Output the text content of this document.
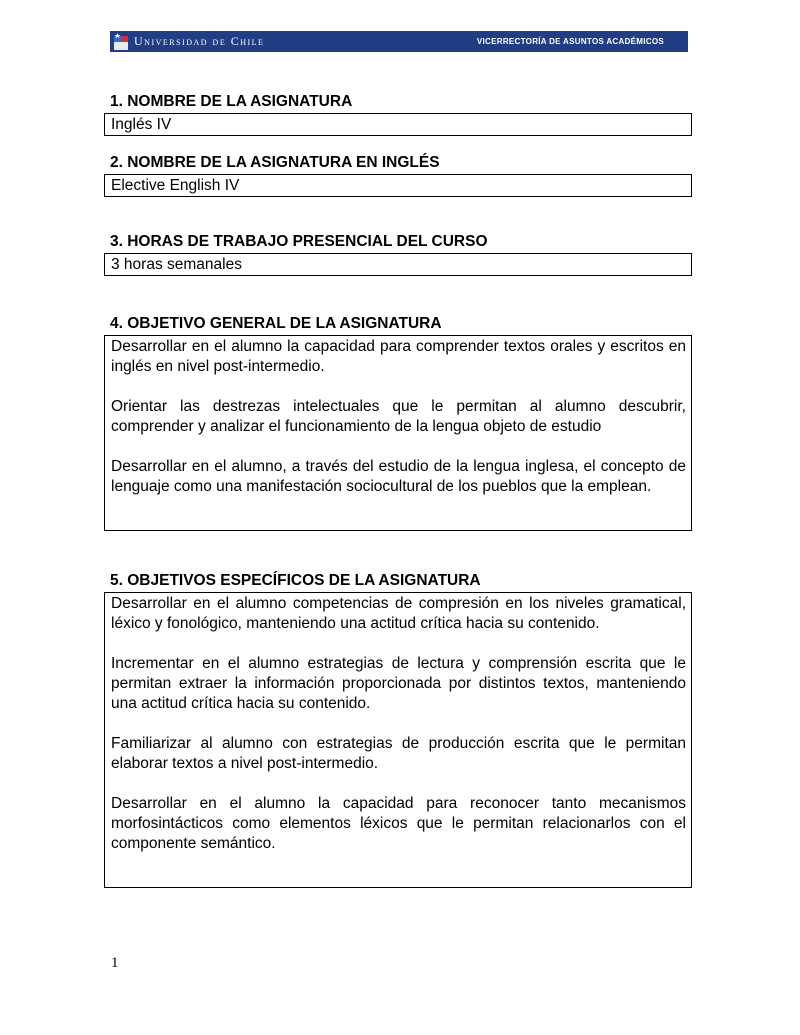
Universidad de Chile	VICERRECTORÍA DE ASUNTOS ACADÉMICOS
1. NOMBRE DE LA ASIGNATURA
Inglés IV
2. NOMBRE DE LA ASIGNATURA EN INGLÉS
Elective English IV
3. HORAS DE TRABAJO PRESENCIAL DEL CURSO
3 horas semanales
4. OBJETIVO GENERAL DE LA ASIGNATURA

Desarrollar en el alumno la capacidad para comprender textos orales y escritos en inglés en nivel post-intermedio.

Orientar las destrezas intelectuales que le permitan al alumno descubrir, comprender y analizar el funcionamiento de la lengua objeto de estudio

Desarrollar en el alumno, a través del estudio de la lengua inglesa, el concepto de lenguaje como una manifestación sociocultural de los pueblos que la emplean.

5. OBJETIVOS ESPECÍFICOS DE LA ASIGNATURA

Desarrollar en el alumno competencias de compresión en los niveles gramatical, léxico y fonológico, manteniendo una actitud crítica hacia su contenido.

Incrementar en el alumno estrategias de lectura y comprensión escrita que le permitan extraer la información proporcionada por distintos textos, manteniendo una actitud crítica hacia su contenido.

Familiarizar al alumno con estrategias de producción escrita que le permitan elaborar textos a nivel post-intermedio.

Desarrollar en el alumno la capacidad para reconocer tanto mecanismos morfosintácticos como elementos léxicos que le permitan relacionarlos con el componente semántico.

1
